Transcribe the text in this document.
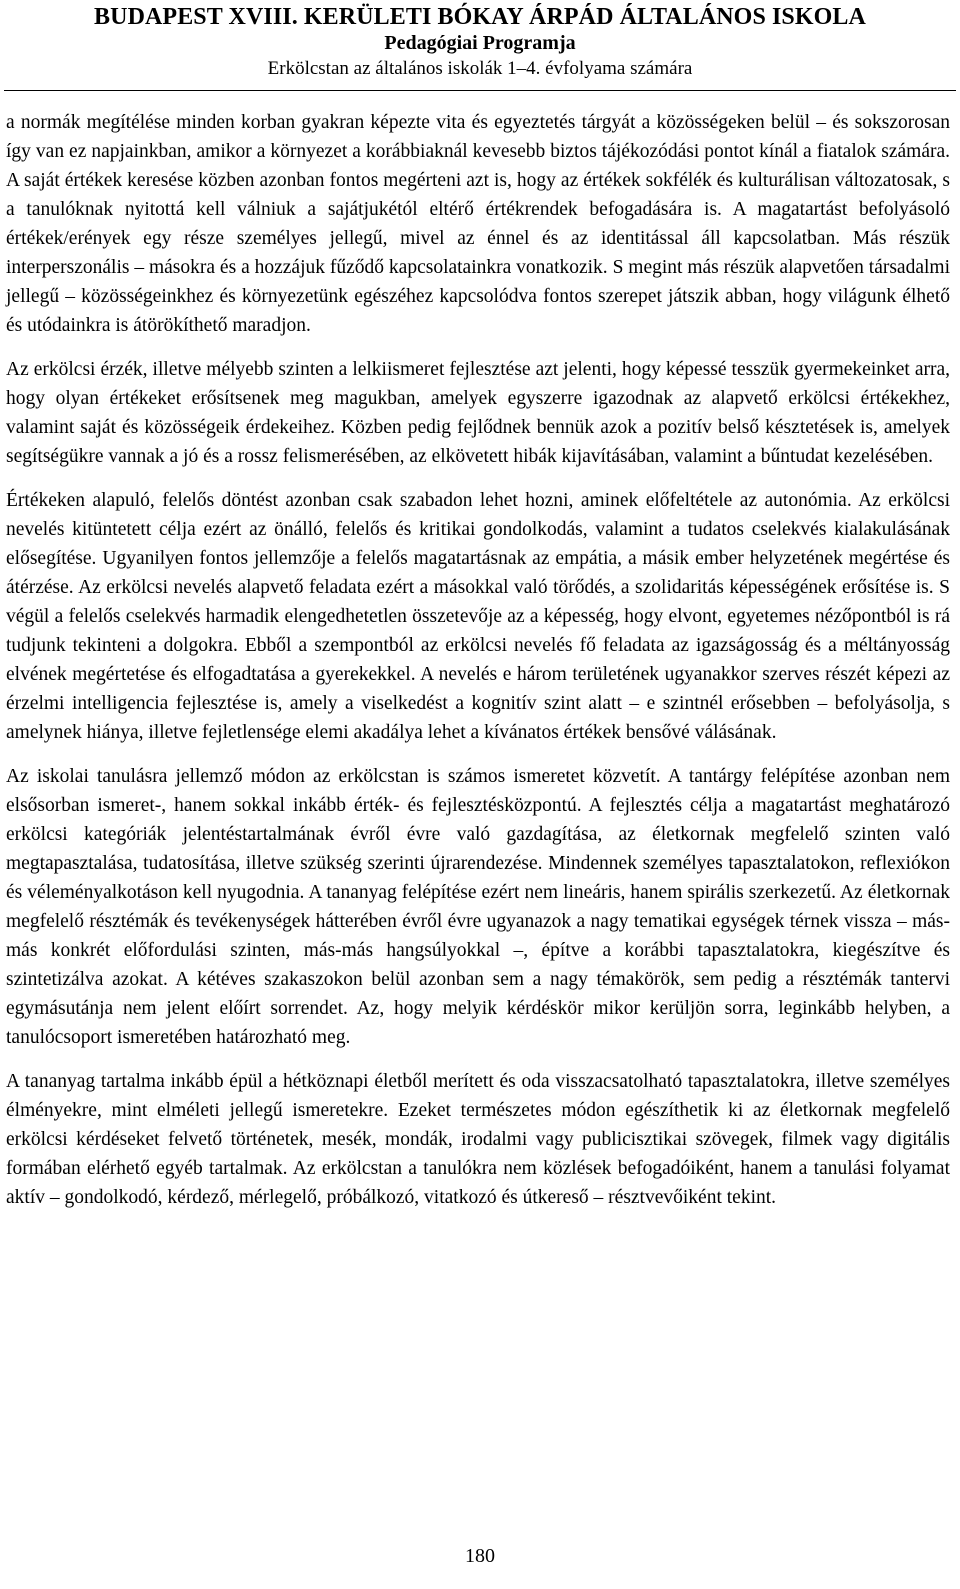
BUDAPEST XVIII. KERÜLETI BÓKAY ÁRPÁD ÁLTALÁNOS ISKOLA
Pedagógiai Programja
Erkölcstan az általános iskolák 1–4. évfolyama számára

a normák megítélése minden korban gyakran képezte vita és egyeztetés tárgyát a közösségeken belül – és sokszorosan így van ez napjainkban, amikor a környezet a korábbiaknál kevesebb biztos tájékozódási pontot kínál a fiatalok számára. A saját értékek keresése közben azonban fontos megérteni azt is, hogy az értékek sokfélék és kulturálisan változatosak, s a tanulóknak nyitottá kell válniuk a sajátjukétól eltérő értékrendek befogadására is. A magatartást befolyásoló értékek/erények egy része személyes jellegű, mivel az énnel és az identitással áll kapcsolatban. Más részük interperszonális – másokra és a hozzájuk fűződő kapcsolatainkra vonatkozik. S megint más részük alapvetően társadalmi jellegű – közösségeinkhez és környezetünk egészéhez kapcsolódva fontos szerepet játszik abban, hogy világunk élhető és utódainkra is átörökíthető maradjon.

Az erkölcsi érzék, illetve mélyebb szinten a lelkiismeret fejlesztése azt jelenti, hogy képessé tesszük gyermekeinket arra, hogy olyan értékeket erősítsenek meg magukban, amelyek egyszerre igazodnak az alapvető erkölcsi értékekhez, valamint saját és közösségeik érdekeihez. Közben pedig fejlődnek bennük azok a pozitív belső késztetések is, amelyek segítségükre vannak a jó és a rossz felismerésében, az elkövetett hibák kijavításában, valamint a bűntudat kezelésében.

Értékeken alapuló, felelős döntést azonban csak szabadon lehet hozni, aminek előfeltétele az autonómia. Az erkölcsi nevelés kitüntetett célja ezért az önálló, felelős és kritikai gondolkodás, valamint a tudatos cselekvés kialakulásának elősegítése. Ugyanilyen fontos jellemzője a felelős magatartásnak az empátia, a másik ember helyzetének megértése és átérzése. Az erkölcsi nevelés alapvető feladata ezért a másokkal való törődés, a szolidaritás képességének erősítése is. S végül a felelős cselekvés harmadik elengedhetetlen összetevője az a képesség, hogy elvont, egyetemes nézőpontból is rá tudjunk tekinteni a dolgokra. Ebből a szempontból az erkölcsi nevelés fő feladata az igazságosság és a méltányosság elvének megértetése és elfogadtatása a gyerekekkel. A nevelés e három területének ugyanakkor szerves részét képezi az érzelmi intelligencia fejlesztése is, amely a viselkedést a kognitív szint alatt – e szintnél erősebben – befolyásolja, s amelynek hiánya, illetve fejletlensége elemi akadálya lehet a kívánatos értékek bensővé válásának.

Az iskolai tanulásra jellemző módon az erkölcstan is számos ismeretet közvetít. A tantárgy felépítése azonban nem elsősorban ismeret-, hanem sokkal inkább érték- és fejlesztésközpontú. A fejlesztés célja a magatartást meghatározó erkölcsi kategóriák jelentéstartalmának évről évre való gazdagítása, az életkornak megfelelő szinten való megtapasztalása, tudatosítása, illetve szükség szerinti újrarendezése. Mindennek személyes tapasztalatokon, reflexiókon és véleményalkotáson kell nyugodnia. A tananyag felépítése ezért nem lineáris, hanem spirális szerkezetű. Az életkornak megfelelő résztémák és tevékenységek hátterében évről évre ugyanazok a nagy tematikai egységek térnek vissza – más-más konkrét előfordulási szinten, más-más hangsúlyokkal –, építve a korábbi tapasztalatokra, kiegészítve és szintetizálva azokat. A kétéves szakaszokon belül azonban sem a nagy témakörök, sem pedig a résztémák tantervi egymásutánja nem jelent előírt sorrendet. Az, hogy melyik kérdéskör mikor kerüljön sorra, leginkább helyben, a tanulócsoport ismeretében határozható meg.

A tananyag tartalma inkább épül a hétköznapi életből merített és oda visszacsatolható tapasztalatokra, illetve személyes élményekre, mint elméleti jellegű ismeretekre. Ezeket természetes módon egészíthetik ki az életkornak megfelelő erkölcsi kérdéseket felvető történetek, mesék, mondák, irodalmi vagy publicisztikai szövegek, filmek vagy digitális formában elérhető egyéb tartalmak. Az erkölcstan a tanulókra nem közlések befogadóiként, hanem a tanulási folyamat aktív – gondolkodó, kérdező, mérlegelő, próbálkozó, vitatkozó és útkereső – résztvevőiként tekint.

180
